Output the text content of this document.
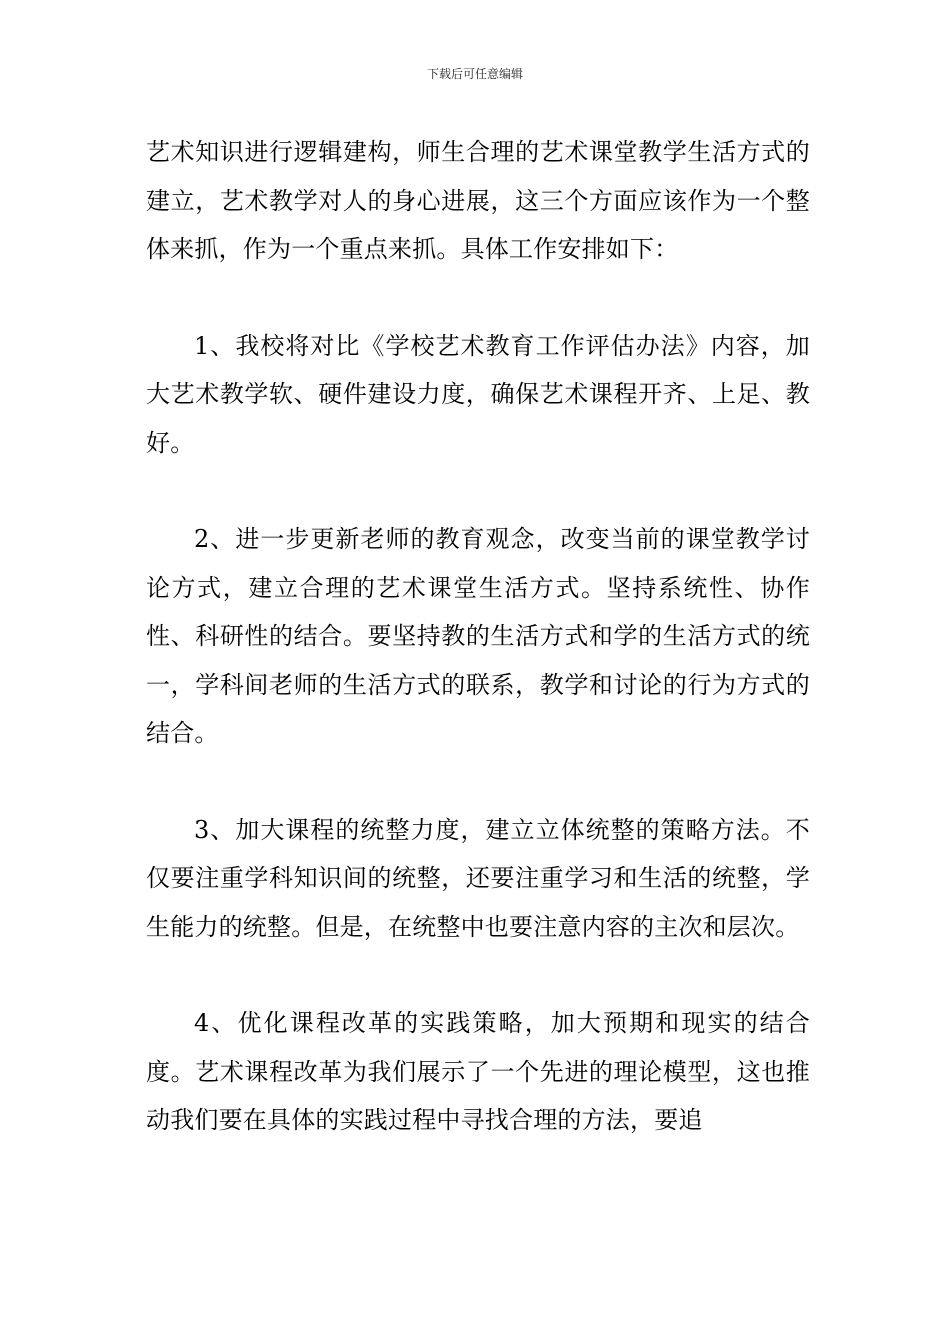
下载后可任意编辑

艺术知识进行逻辑建构，师生合理的艺术课堂教学生活方式的建立，艺术教学对人的身心进展，这三个方面应该作为一个整体来抓，作为一个重点来抓。具体工作安排如下：

1、我校将对比《学校艺术教育工作评估办法》内容，加大艺术教学软、硬件建设力度，确保艺术课程开齐、上足、教好。

2、进一步更新老师的教育观念，改变当前的课堂教学讨论方式，建立合理的艺术课堂生活方式。坚持系统性、协作性、科研性的结合。要坚持教的生活方式和学的生活方式的统一，学科间老师的生活方式的联系，教学和讨论的行为方式的结合。

3、加大课程的统整力度，建立立体统整的策略方法。不仅要注重学科知识间的统整，还要注重学习和生活的统整，学生能力的统整。但是，在统整中也要注意内容的主次和层次。

4、优化课程改革的实践策略，加大预期和现实的结合度。艺术课程改革为我们展示了一个先进的理论模型，这也推动我们要在具体的实践过程中寻找合理的方法，要追
